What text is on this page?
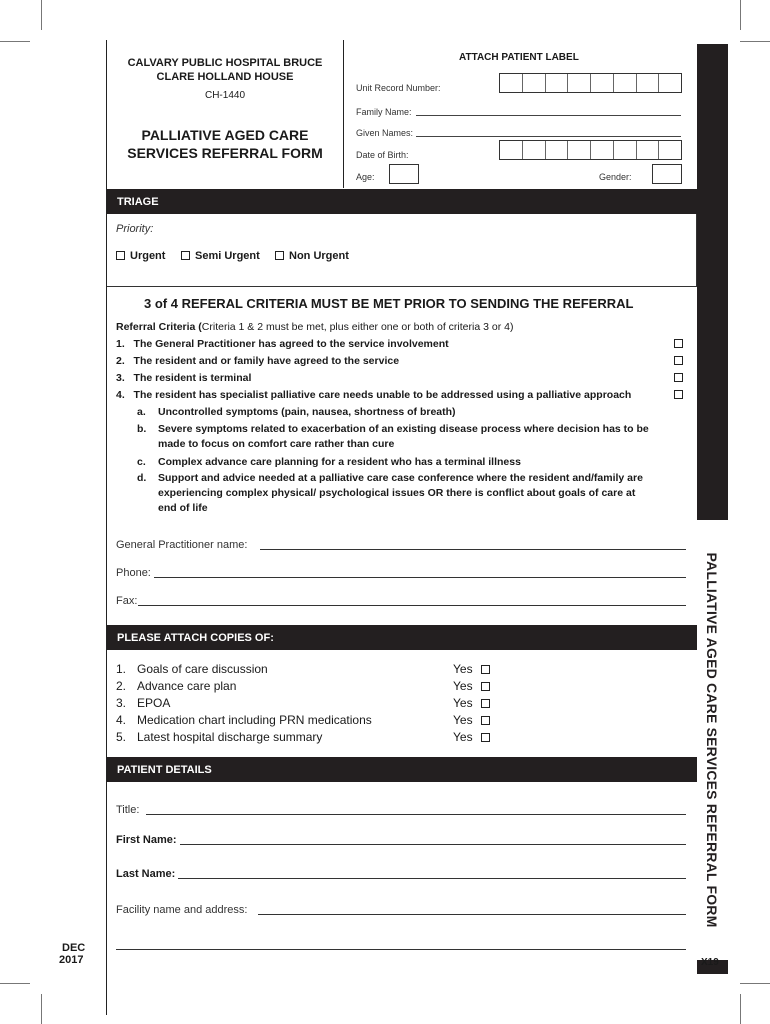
PALLIATIVE AGED CARE SERVICES REFERRAL FORM
CALVARY PUBLIC HOSPITAL BRUCE
CLARE HOLLAND HOUSE
CH-1440
PALLIATIVE AGED CARE
SERVICES REFERRAL FORM
ATTACH PATIENT LABEL
Unit Record Number:
Family Name:
Given Names:
Date of Birth:
Age:	Gender:
TRIAGE
Priority:
Urgent	Semi Urgent	Non Urgent
3 of 4 REFERAL CRITERIA MUST BE MET PRIOR TO SENDING THE REFERRAL
Referral Criteria (Criteria 1 & 2 must be met, plus either one or both of criteria 3 or 4)
1. The General Practitioner has agreed to the service involvement
2. The resident and or family have agreed to the service
3. The resident is terminal
4. The resident has specialist palliative care needs unable to be addressed using a palliative approach
a. Uncontrolled symptoms (pain, nausea, shortness of breath)
b. Severe symptoms related to exacerbation of an existing disease process where decision has to be
made to focus on comfort care rather than cure
c. Complex advance care planning for a resident who has a terminal illness
d. Support and advice needed at a palliative care case conference where the resident and/family are
experiencing complex physical/ psychological issues OR there is conflict about goals of care at
end of life
General Practitioner name:
Phone:
Fax:
PLEASE ATTACH COPIES OF:
1. Goals of care discussion	Yes
2. Advance care plan	Yes
3. EPOA	Yes
4. Medication chart including PRN medications	Yes
5. Latest hospital discharge summary	Yes
PATIENT DETAILS
Title:
First Name:
Last Name:
Facility name and address:
DEC
2017	X19
